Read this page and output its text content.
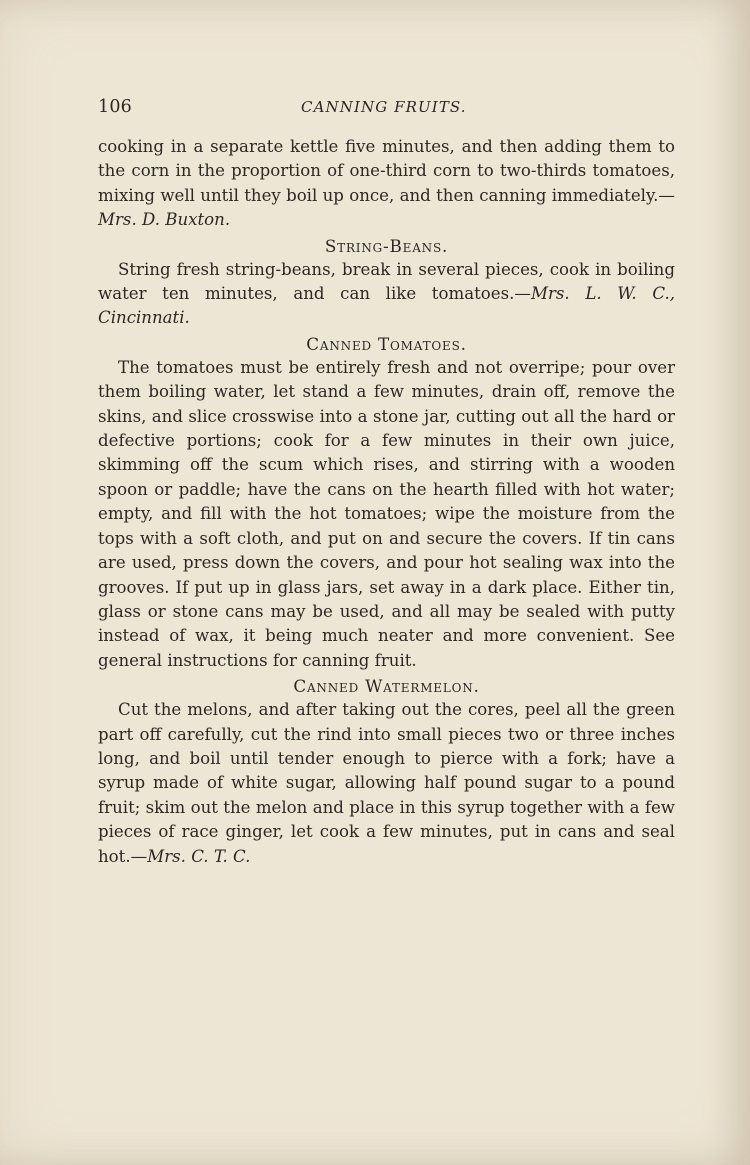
106	CANNING FRUITS.

cooking in a separate kettle five minutes, and then adding them to the corn in the proportion of one-third corn to two-thirds tomatoes, mixing well until they boil up once, and then canning immediately.—Mrs. D. Buxton.

String-Beans.

String fresh string-beans, break in several pieces, cook in boiling water ten minutes, and can like tomatoes.—Mrs. L. W. C., Cincinnati.

Canned Tomatoes.

The tomatoes must be entirely fresh and not overripe; pour over them boiling water, let stand a few minutes, drain off, remove the skins, and slice crosswise into a stone jar, cutting out all the hard or defective portions; cook for a few minutes in their own juice, skimming off the scum which rises, and stirring with a wooden spoon or paddle; have the cans on the hearth filled with hot water; empty, and fill with the hot tomatoes; wipe the moisture from the tops with a soft cloth, and put on and secure the covers. If tin cans are used, press down the covers, and pour hot sealing wax into the grooves. If put up in glass jars, set away in a dark place. Either tin, glass or stone cans may be used, and all may be sealed with putty instead of wax, it being much neater and more convenient. See general instructions for canning fruit.

Canned Watermelon.

Cut the melons, and after taking out the cores, peel all the green part off carefully, cut the rind into small pieces two or three inches long, and boil until tender enough to pierce with a fork; have a syrup made of white sugar, allowing half pound sugar to a pound fruit; skim out the melon and place in this syrup together with a few pieces of race ginger, let cook a few minutes, put in cans and seal hot.—Mrs. C. T. C.
